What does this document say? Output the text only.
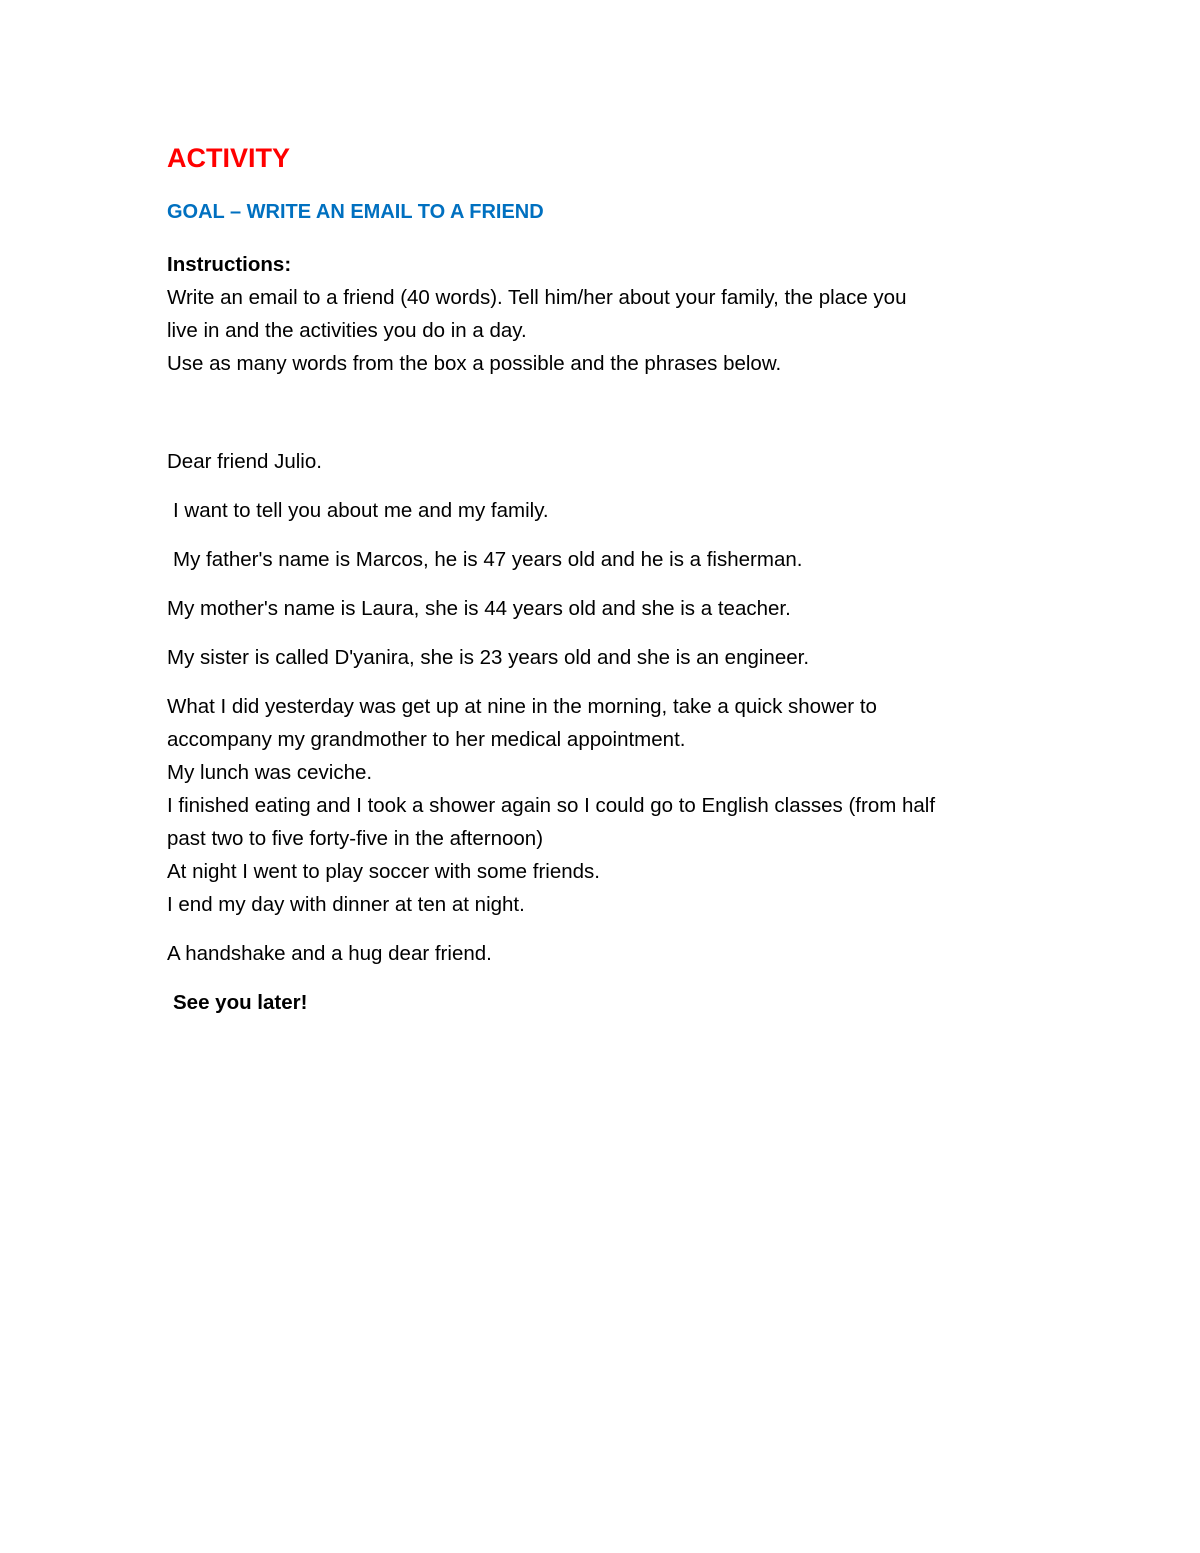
ACTIVITY
GOAL – WRITE AN EMAIL TO A FRIEND
Instructions:
Write an email to a friend (40 words). Tell him/her about your family, the place you
live in and the activities you do in a day.
Use as many words from the box a possible and the phrases below.

Dear friend Julio.

I want to tell you about me and my family.

My father's name is Marcos, he is 47 years old and he is a fisherman.

My mother's name is Laura, she is 44 years old and she is a teacher.

My sister is called D'yanira, she is 23 years old and she is an engineer.

What I did yesterday was get up at nine in the morning, take a quick shower to
accompany my grandmother to her medical appointment.
My lunch was ceviche.
I finished eating and I took a shower again so I could go to English classes (from half
past two to five forty-five in the afternoon)
At night I went to play soccer with some friends.
I end my day with dinner at ten at night.

A handshake and a hug dear friend.

See you later!
